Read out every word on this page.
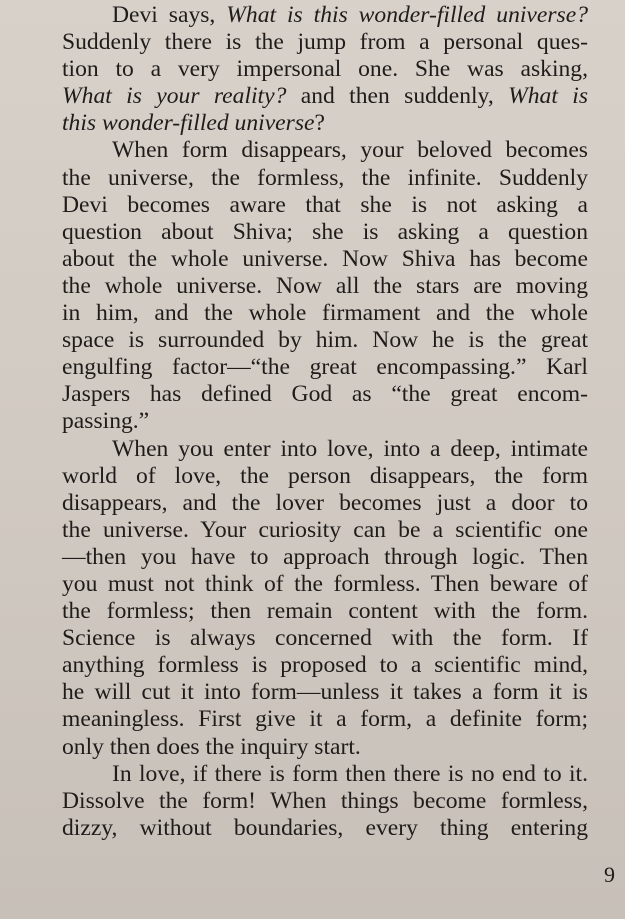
Devi says, What is this wonder-filled universe?
Suddenly there is the jump from a personal ques-
tion to a very impersonal one. She was asking,
What is your reality? and then suddenly, What is
this wonder-filled universe?
When form disappears, your beloved becomes
the universe, the formless, the infinite. Suddenly
Devi becomes aware that she is not asking a
question about Shiva; she is asking a question
about the whole universe. Now Shiva has become
the whole universe. Now all the stars are moving
in him, and the whole firmament and the whole
space is surrounded by him. Now he is the great
engulfing factor—“the great encompassing.” Karl
Jaspers has defined God as “the great encom-
passing.”
When you enter into love, into a deep, intimate
world of love, the person disappears, the form
disappears, and the lover becomes just a door to
the universe. Your curiosity can be a scientific one
—then you have to approach through logic. Then
you must not think of the formless. Then beware of
the formless; then remain content with the form.
Science is always concerned with the form. If
anything formless is proposed to a scientific mind,
he will cut it into form—unless it takes a form it is
meaningless. First give it a form, a definite form;
only then does the inquiry start.
In love, if there is form then there is no end to it.
Dissolve the form! When things become formless,
dizzy, without boundaries, every thing entering
9
